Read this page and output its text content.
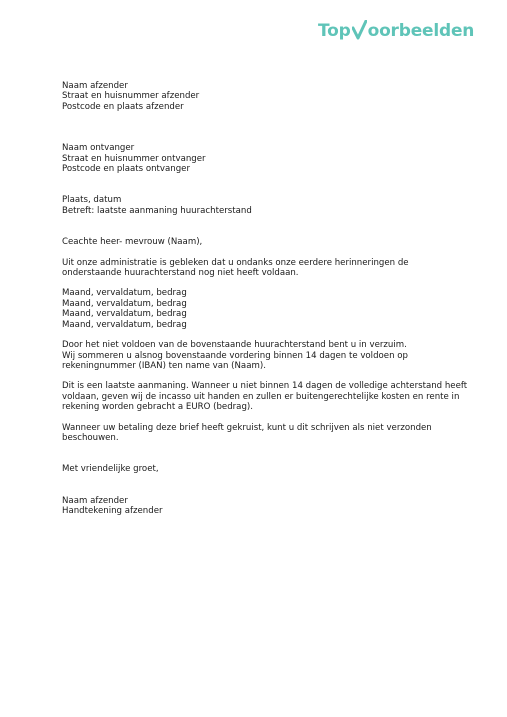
Top oorbeelden
Naam afzender
Straat en huisnummer afzender
Postcode en plaats afzender
Naam ontvanger
Straat en huisnummer ontvanger
Postcode en plaats ontvanger
Plaats, datum
Betreft: laatste aanmaning huurachterstand
Ceachte heer- mevrouw (Naam),
Uit onze administratie is gebleken dat u ondanks onze eerdere herinneringen de
onderstaande huurachterstand nog niet heeft voldaan.
Maand, vervaldatum, bedrag
Maand, vervaldatum, bedrag
Maand, vervaldatum, bedrag
Maand, vervaldatum, bedrag
Door het niet voldoen van de bovenstaande huurachterstand bent u in verzuim.
Wij sommeren u alsnog bovenstaande vordering binnen 14 dagen te voldoen op
rekeningnummer (IBAN) ten name van (Naam).
Dit is een laatste aanmaning. Wanneer u niet binnen 14 dagen de volledige achterstand heeft
voldaan, geven wij de incasso uit handen en zullen er buitengerechtelijke kosten en rente in
rekening worden gebracht a EURO (bedrag).
Wanneer uw betaling deze brief heeft gekruist, kunt u dit schrijven als niet verzonden
beschouwen.
Met vriendelijke groet,
Naam afzender
Handtekening afzender
